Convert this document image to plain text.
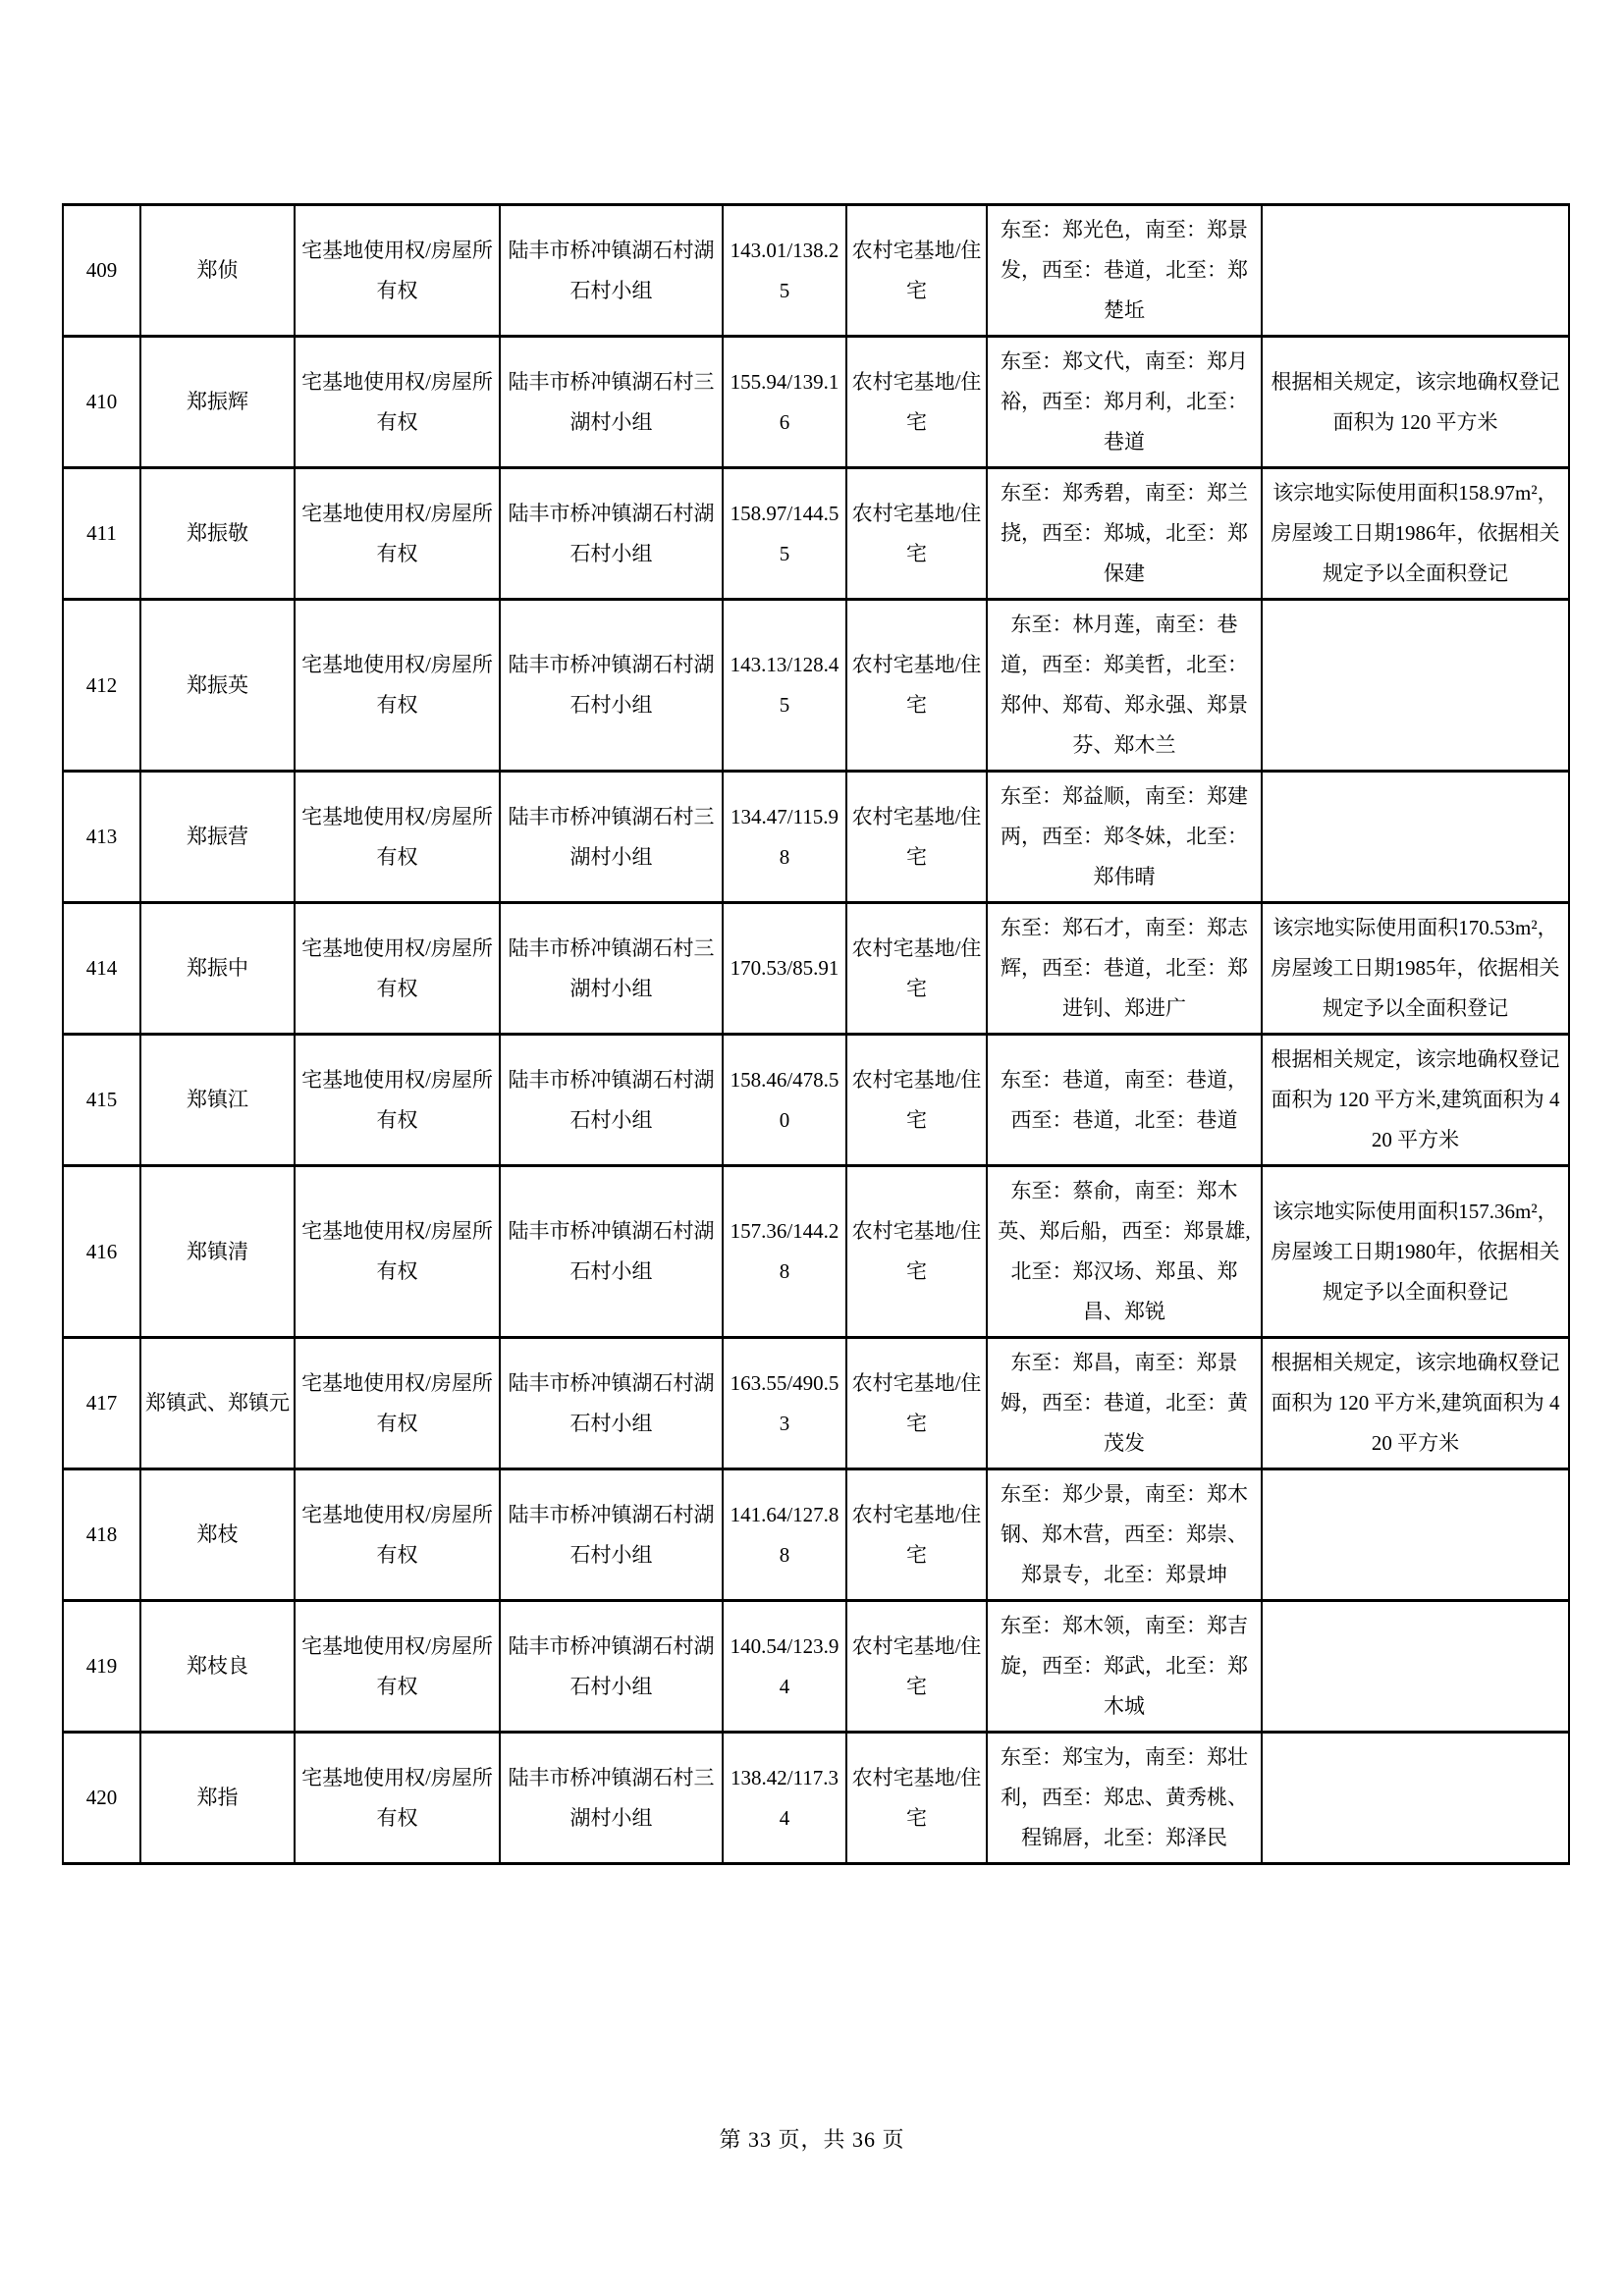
409	郑侦	宅基地使用权/房屋所有权	陆丰市桥冲镇湖石村湖石村小组	143.01/138.25	农村宅基地/住宅	东至：郑光色，南至：郑景发，西至：巷道，北至：郑楚坵	
410	郑振辉	宅基地使用权/房屋所有权	陆丰市桥冲镇湖石村三湖村小组	155.94/139.16	农村宅基地/住宅	东至：郑文代，南至：郑月裕，西至：郑月利，北至：巷道	根据相关规定，该宗地确权登记面积为 120 平方米
411	郑振敬	宅基地使用权/房屋所有权	陆丰市桥冲镇湖石村湖石村小组	158.97/144.55	农村宅基地/住宅	东至：郑秀碧，南至：郑兰挠，西至：郑城，北至：郑保建	该宗地实际使用面积158.97m²，房屋竣工日期1986年，依据相关规定予以全面积登记
412	郑振英	宅基地使用权/房屋所有权	陆丰市桥冲镇湖石村湖石村小组	143.13/128.45	农村宅基地/住宅	东至：林月莲，南至：巷道，西至：郑美哲，北至：郑仲、郑荀、郑永强、郑景芬、郑木兰	
413	郑振营	宅基地使用权/房屋所有权	陆丰市桥冲镇湖石村三湖村小组	134.47/115.98	农村宅基地/住宅	东至：郑益顺，南至：郑建两，西至：郑冬妹，北至：郑伟晴	
414	郑振中	宅基地使用权/房屋所有权	陆丰市桥冲镇湖石村三湖村小组	170.53/85.91	农村宅基地/住宅	东至：郑石才，南至：郑志辉，西至：巷道，北至：郑进钊、郑进广	该宗地实际使用面积170.53m²，房屋竣工日期1985年，依据相关规定予以全面积登记
415	郑镇江	宅基地使用权/房屋所有权	陆丰市桥冲镇湖石村湖石村小组	158.46/478.50	农村宅基地/住宅	东至：巷道，南至：巷道，西至：巷道，北至：巷道	根据相关规定，该宗地确权登记面积为 120 平方米,建筑面积为 420 平方米
416	郑镇清	宅基地使用权/房屋所有权	陆丰市桥冲镇湖石村湖石村小组	157.36/144.28	农村宅基地/住宅	东至：蔡俞，南至：郑木英、郑后船，西至：郑景雄,北至：郑汉场、郑虽、郑昌、郑锐	该宗地实际使用面积157.36m²，房屋竣工日期1980年，依据相关规定予以全面积登记
417	郑镇武、郑镇元	宅基地使用权/房屋所有权	陆丰市桥冲镇湖石村湖石村小组	163.55/490.53	农村宅基地/住宅	东至：郑昌，南至：郑景姆，西至：巷道，北至：黄茂发	根据相关规定，该宗地确权登记面积为 120 平方米,建筑面积为 420 平方米
418	郑枝	宅基地使用权/房屋所有权	陆丰市桥冲镇湖石村湖石村小组	141.64/127.88	农村宅基地/住宅	东至：郑少景，南至：郑木钢、郑木营，西至：郑崇、郑景专，北至：郑景坤	
419	郑枝良	宅基地使用权/房屋所有权	陆丰市桥冲镇湖石村湖石村小组	140.54/123.94	农村宅基地/住宅	东至：郑木领，南至：郑吉旋，西至：郑武，北至：郑木城	
420	郑指	宅基地使用权/房屋所有权	陆丰市桥冲镇湖石村三湖村小组	138.42/117.34	农村宅基地/住宅	东至：郑宝为，南至：郑壮利，西至：郑忠、黄秀桃、程锦唇，北至：郑泽民	
第 33 页，共 36 页
